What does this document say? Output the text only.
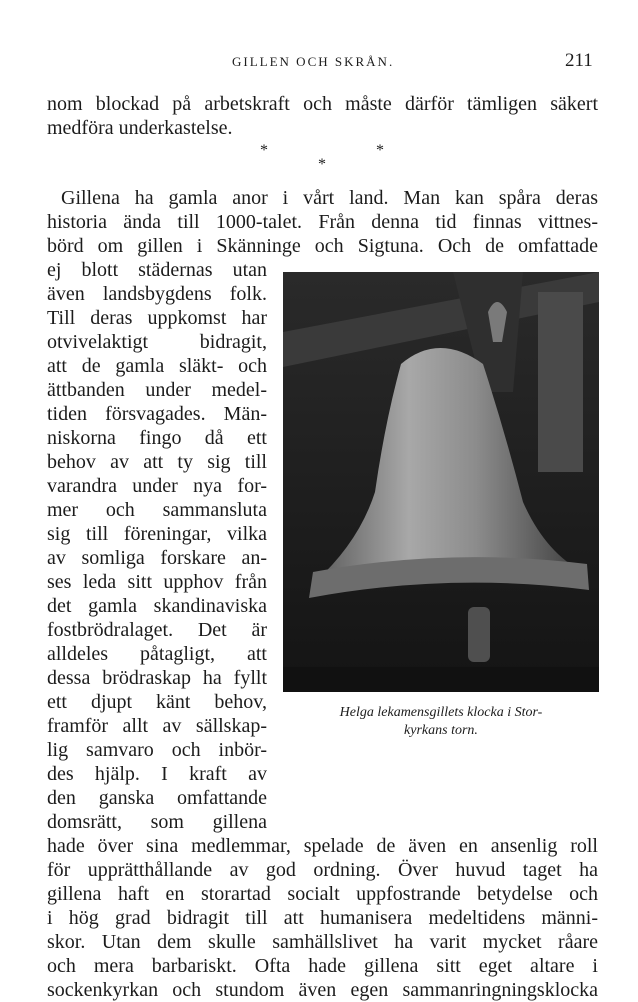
GILLEN OCH SKRÅN.	211
nom blockad på arbetskraft och måste därför tämligen säkert
medföra underkastelse.
*	*
*
Gillena ha gamla anor i vårt land. Man kan spåra deras
historia ända till 1000-talet. Från denna tid finnas vittnes-
börd om gillen i Skänninge och Sigtuna. Och de omfattade
ej blott städernas utan
även landsbygdens folk.
Till deras uppkomst har
otvivelaktigt bidragit,
att de gamla släkt- och
ättbanden under medel-
tiden försvagades. Män-
niskorna fingo då ett
behov av att ty sig till
varandra under nya for-
mer och sammansluta
sig till föreningar, vilka
av somliga forskare an-
ses leda sitt upphov från
det gamla skandinaviska
fostbrödralaget. Det är
alldeles påtagligt, att
dessa brödraskap ha fyllt
ett djupt känt behov,
framför allt av sällskap-
lig samvaro och inbör-
des hjälp. I kraft av
den ganska omfattande
domsrätt, som gillena
hade över sina medlemmar, spelade de även en ansenlig roll
för upprätthållande av god ordning. Över huvud taget ha
gillena haft en storartad socialt uppfostrande betydelse och
i hög grad bidragit till att humanisera medeltidens männi-
skor. Utan dem skulle samhällslivet ha varit mycket råare
och mera barbariskt. Ofta hade gillena sitt eget altare i
sockenkyrkan och stundom även egen sammanringningsklocka
Helga lekamensgillets klocka i Stor-
kyrkans torn.
